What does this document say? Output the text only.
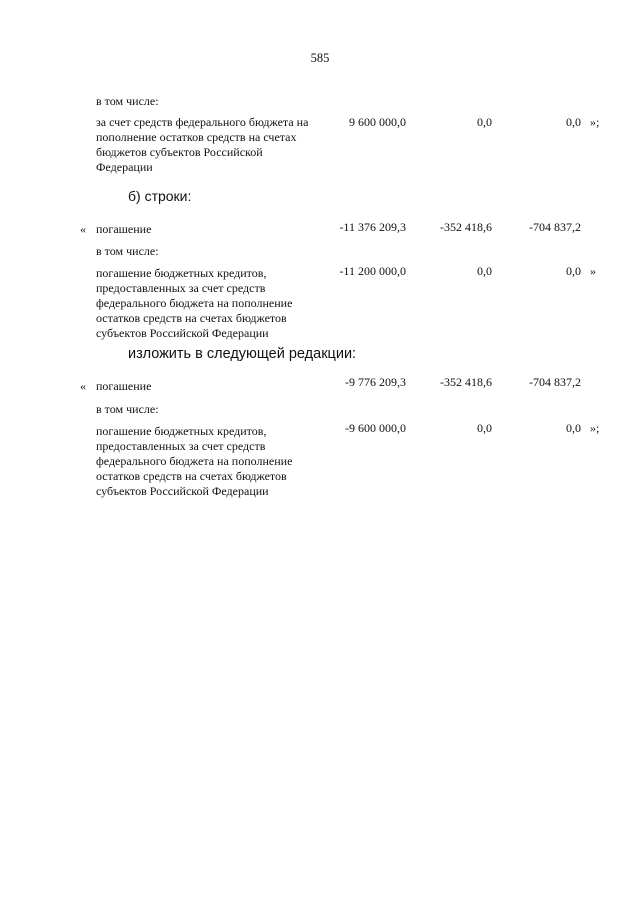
585
в том числе:
за счет средств федерального бюджета на пополнение остатков средств на счетах бюджетов субъектов Российской Федерации
9 600 000,0	0,0	0,0 »;
б) строки:
« погашение	-11 376 209,3	-352 418,6	-704 837,2
в том числе:
погашение бюджетных кредитов, предоставленных за счет средств федерального бюджета на пополнение остатков средств на счетах бюджетов субъектов Российской Федерации
-11 200 000,0	0,0	0,0 »
изложить в следующей редакции:
« погашение	-9 776 209,3	-352 418,6	-704 837,2
в том числе:
погашение бюджетных кредитов, предоставленных за счет средств федерального бюджета на пополнение остатков средств на счетах бюджетов субъектов Российской Федерации
-9 600 000,0	0,0	0,0 »;
